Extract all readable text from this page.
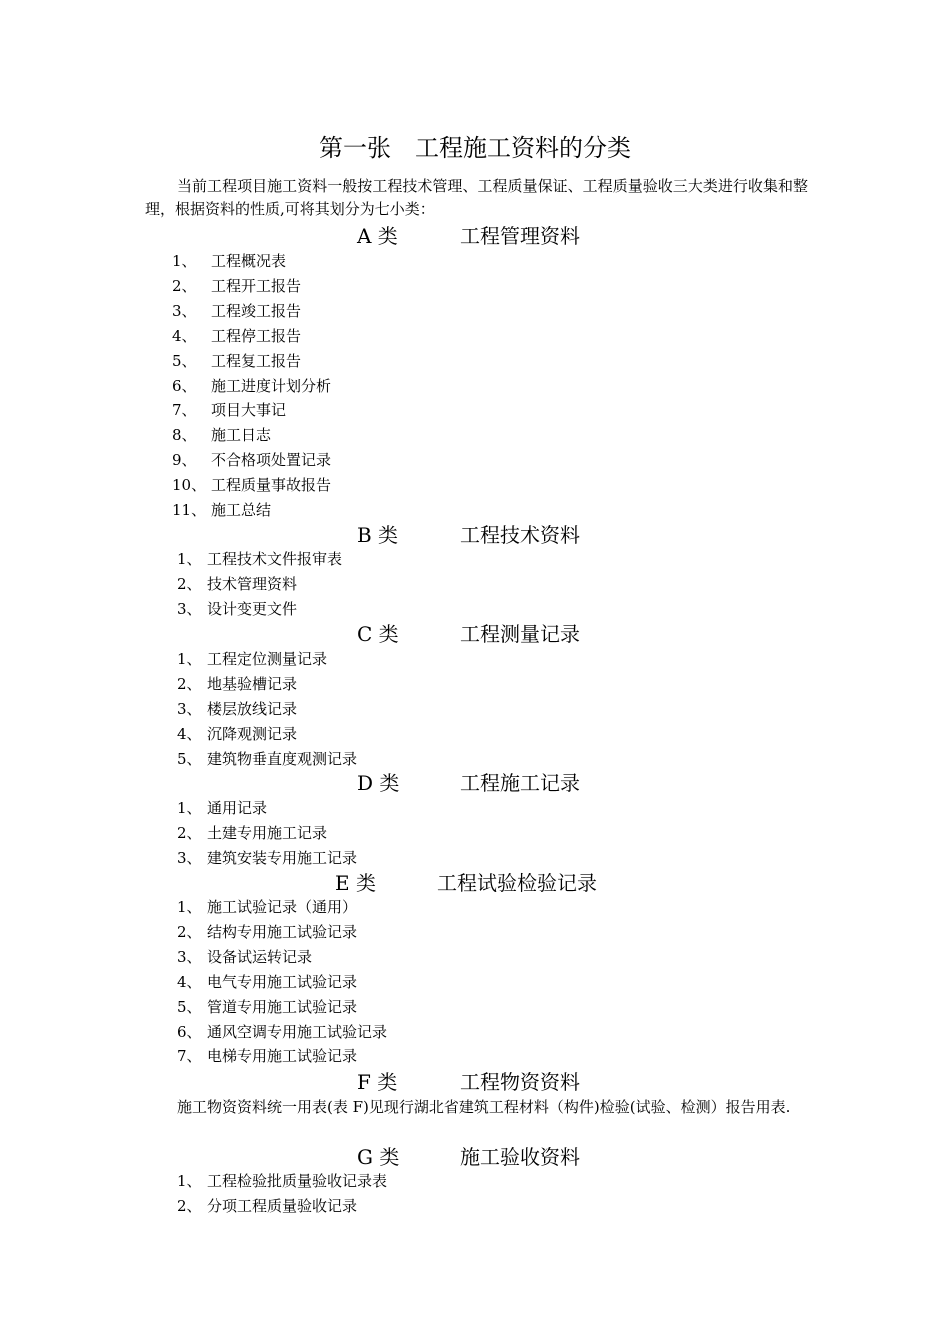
第一张　工程施工资料的分类
当前工程项目施工资料一般按工程技术管理、工程质量保证、工程质量验收三大类进行收集和整理，根据资料的性质,可将其划分为七小类：
A 类	工程管理资料
1、 工程概况表
2、 工程开工报告
3、 工程竣工报告
4、 工程停工报告
5、 工程复工报告
6、 施工进度计划分析
7、 项目大事记
8、 施工日志
9、 不合格项处置记录
10、 工程质量事故报告
11、 施工总结
B 类	工程技术资料
1、 工程技术文件报审表
2、 技术管理资料
3、 设计变更文件
C 类	工程测量记录
1、 工程定位测量记录
2、 地基验槽记录
3、 楼层放线记录
4、 沉降观测记录
5、 建筑物垂直度观测记录
D 类	工程施工记录
1、 通用记录
2、 土建专用施工记录
3、 建筑安装专用施工记录
E 类	工程试验检验记录
1、 施工试验记录（通用）
2、 结构专用施工试验记录
3、 设备试运转记录
4、 电气专用施工试验记录
5、 管道专用施工试验记录
6、 通风空调专用施工试验记录
7、 电梯专用施工试验记录
F 类	工程物资资料
施工物资资料统一用表(表 F)见现行湖北省建筑工程材料（构件)检验(试验、检测）报告用表.
G 类	施工验收资料
1、 工程检验批质量验收记录表
2、 分项工程质量验收记录
